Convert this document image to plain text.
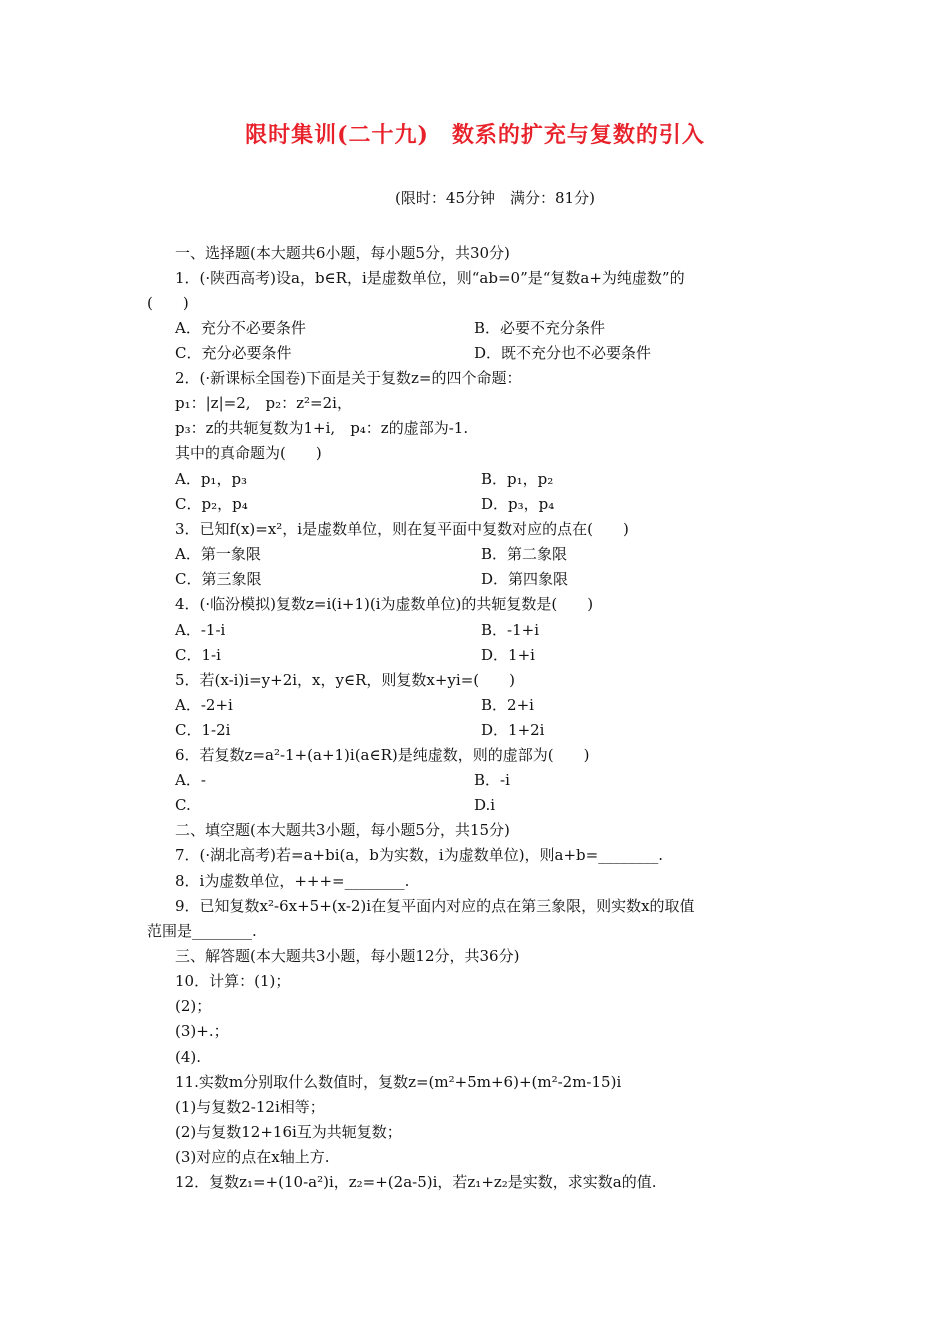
限时集训(二十九)　数系的扩充与复数的引入
(限时：45分钟　满分：81分)
一、选择题(本大题共6小题，每小题5分，共30分)
1．(·陕西高考)设a，b∈R，i是虚数单位，则“ab=0”是“复数a+为纯虚数”的
(　　)
2．(·新课标全国卷)下面是关于复数z=的四个命题：
p₁：|z|=2,　p₂：z²=2i，
p₃：z的共轭复数为1+i,　p₄：z的虚部为-1.
其中的真命题为(　　)
3．已知f(x)=x²，i是虚数单位，则在复平面中复数对应的点在(　　)
4．(·临汾模拟)复数z=i(i+1)(i为虚数单位)的共轭复数是(　　)
5．若(x-i)i=y+2i，x，y∈R，则复数x+yi=(　　)
6．若复数z=a²-1+(a+1)i(a∈R)是纯虚数，则的虚部为(　　)
二、填空题(本大题共3小题，每小题5分，共15分)
7．(·湖北高考)若=a+bi(a，b为实数，i为虚数单位)，则a+b=________.
8．i为虚数单位，+++=________.
9．已知复数x²-6x+5+(x-2)i在复平面内对应的点在第三象限，则实数x的取值
范围是________.
三、解答题(本大题共3小题，每小题12分，共36分)
10．计算：(1)；
(2)；
(3)+.；
(4).
11.实数m分别取什么数值时，复数z=(m²+5m+6)+(m²-2m-15)i
(1)与复数2-12i相等；
(2)与复数12+16i互为共轭复数；
(3)对应的点在x轴上方.
12．复数z₁=+(10-a²)i，z₂=+(2a-5)i，若z₁+z₂是实数，求实数a的值.
A．充分不必要条件	B．必要不充分条件
C．充分必要条件	D．既不充分也不必要条件
A．p₁，p₃	B．p₁，p₂
C．p₂，p₄	D．p₃，p₄
A．第一象限	B．第二象限
C．第三象限	D．第四象限
A．-1-i	B．-1+i
C．1-i	D．1+i
A．-2+i	B．2+i
C．1-2i	D．1+2i
A．-	B．-i
C.	D.i
